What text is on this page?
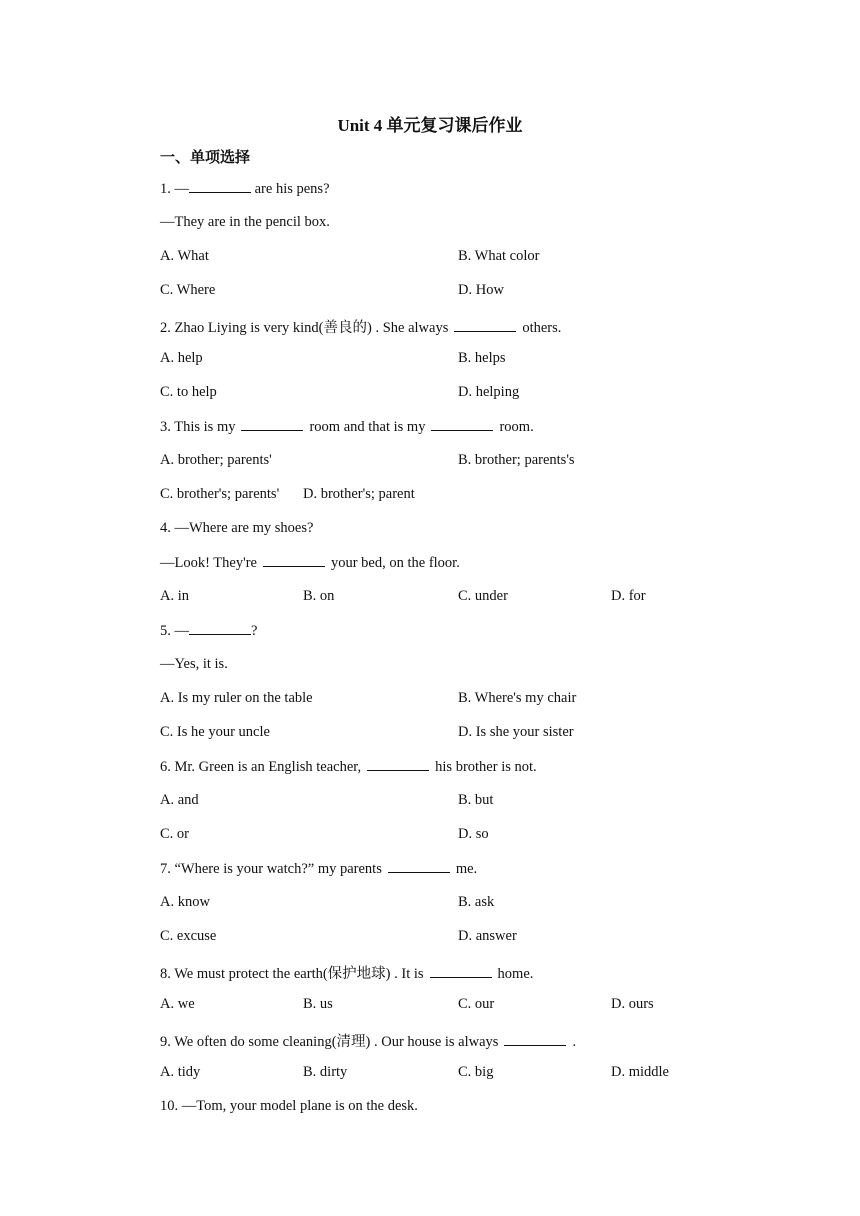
Unit 4 单元复习课后作业
一、单项选择
1. —	are his pens?
—They are in the pencil box.
A. What	B. What color
C. Where	D. How
2. Zhao Liying is very kind(善良的) . She always	others.
A. help	B. helps
C. to help	D. helping
3. This is my	room and that is my	room.
A. brother; parents'	B. brother; parents's
C. brother's; parents' D. brother's; parent
4. —Where are my shoes?
—Look! They're	your bed, on the floor.
A. in	B. on	C. under	D. for
5. —	?
—Yes, it is.
A. Is my ruler on the table	B. Where's my chair
C. Is he your uncle	D. Is she your sister
6. Mr. Green is an English teacher,	his brother is not.
A. and	B. but
C. or	D. so
7. “Where is your watch?” my parents	me.
A. know	B. ask
C. excuse	D. answer
8. We must protect the earth(保护地球) . It is	home.
A. we	B. us	C. our	D. ours
9. We often do some cleaning(清理) . Our house is always	.
A. tidy	B. dirty	C. big	D. middle
10. —Tom, your model plane is on the desk.
